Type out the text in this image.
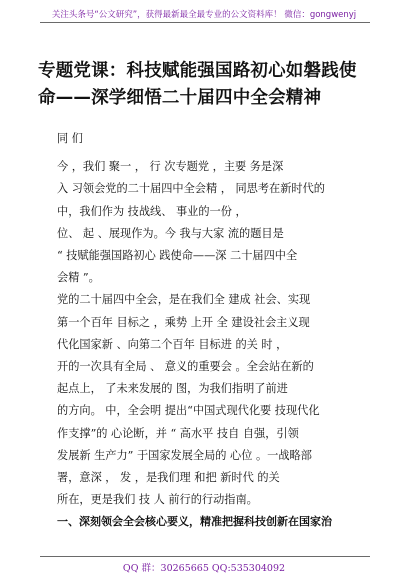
关注头条号“公文研究”，获得最新最全最专业的公文资料库！ 微信：gongwenyj
专题党课：科技赋能强国路初心如磐践使
命——深学细悟二十届四中全会精神

同 们

今 ，我们 聚一 ， 行 次专题党 ，主要 务是深
入 习领会党的二十届四中全会精 ， 同思考在新时代的
中，我们作为 技战线、 事业的一份 ，
位、 起 、展现作为。今 我与大家 流的题目是
“ 技赋能强国路初心 践使命——深 二十届四中全
会精 ”。

党的二十届四中全会，是在我们全 建成 社会、实现
第一个百年 目标之 ，乘势 上开 全 建设社会主义现
代化国家新 、向第二个百年 目标进 的关 时 ，
开的一次具有全局 、 意义的重要会 。全会站在新的
起点上， 了未来发展的 图，为我们指明了前进
的方向。 中，全会明 提出“中国式现代化要 技现代化
作支撑”的 心论断，并 “ 高水平 技自 自强，引领
发展新 生产力” 于国家发展全局的 心位 。一战略部
署，意深 ， 发 ，是我们理 和把 新时代 的关
所在，更是我们 技 人 前行的行动指南。

一、深刻领会全会核心要义，精准把握科技创新在国家治

QQ 群：30265665 QQ:535304092
